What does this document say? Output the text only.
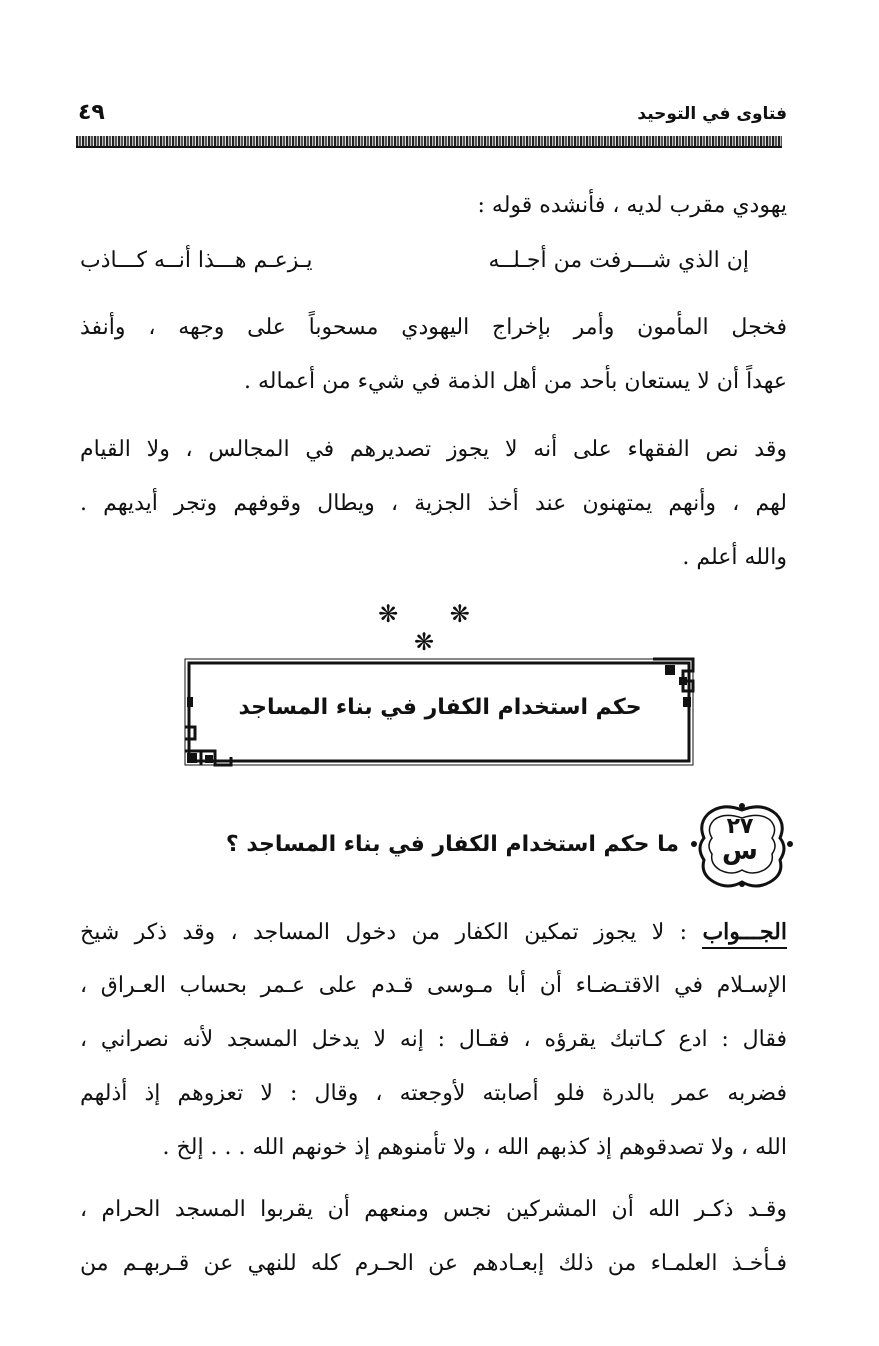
فتاوى في التوحيد
٤٩
يهودي مقرب لديه ، فأنشده قوله :
إن الذي شـــرفت من أجـلــه
يـزعـم هـــذا أنــه كـــاذب
فخجل المأمون وأمر بإخراج اليهودي مسحوباً على وجهه ، وأنفذ
عهداً أن لا يستعان بأحد من أهل الذمة في شيء من أعماله .
وقد نص الفقهاء على أنه لا يجوز تصديرهم في المجالس ، ولا القيام
لهم ، وأنهم يمتهنون عند أخذ الجزية ، ويطال وقوفهم وتجر أيديهم .
والله أعلم .
❋ ❋ ❋
حكم استخدام الكفار في بناء المساجد
٢٧
س
ما حكم استخدام الكفار في بناء المساجد ؟
الجـــواب : لا يجوز تمكين الكفار من دخول المساجد ، وقد ذكر شيخ
الإسـلام في الاقتـضـاء أن أبا مـوسى قـدم على عـمر بحساب العـراق ،
فقال : ادع كـاتبك يقرؤه ، فقـال : إنه لا يدخل المسجد لأنه نصراني ،
فضربه عمر بالدرة فلو أصابته لأوجعته ، وقال : لا تعزوهم إذ أذلهم
الله ، ولا تصدقوهم إذ كذبهم الله ، ولا تأمنوهم إذ خونهم الله . . . إلخ .
وقـد ذكـر الله أن المشركين نجس ومنعهم أن يقربوا المسجد الحرام ،
فـأخـذ العلمـاء من ذلك إبعـادهم عن الحـرم كله للنهي عن قـربهـم من
